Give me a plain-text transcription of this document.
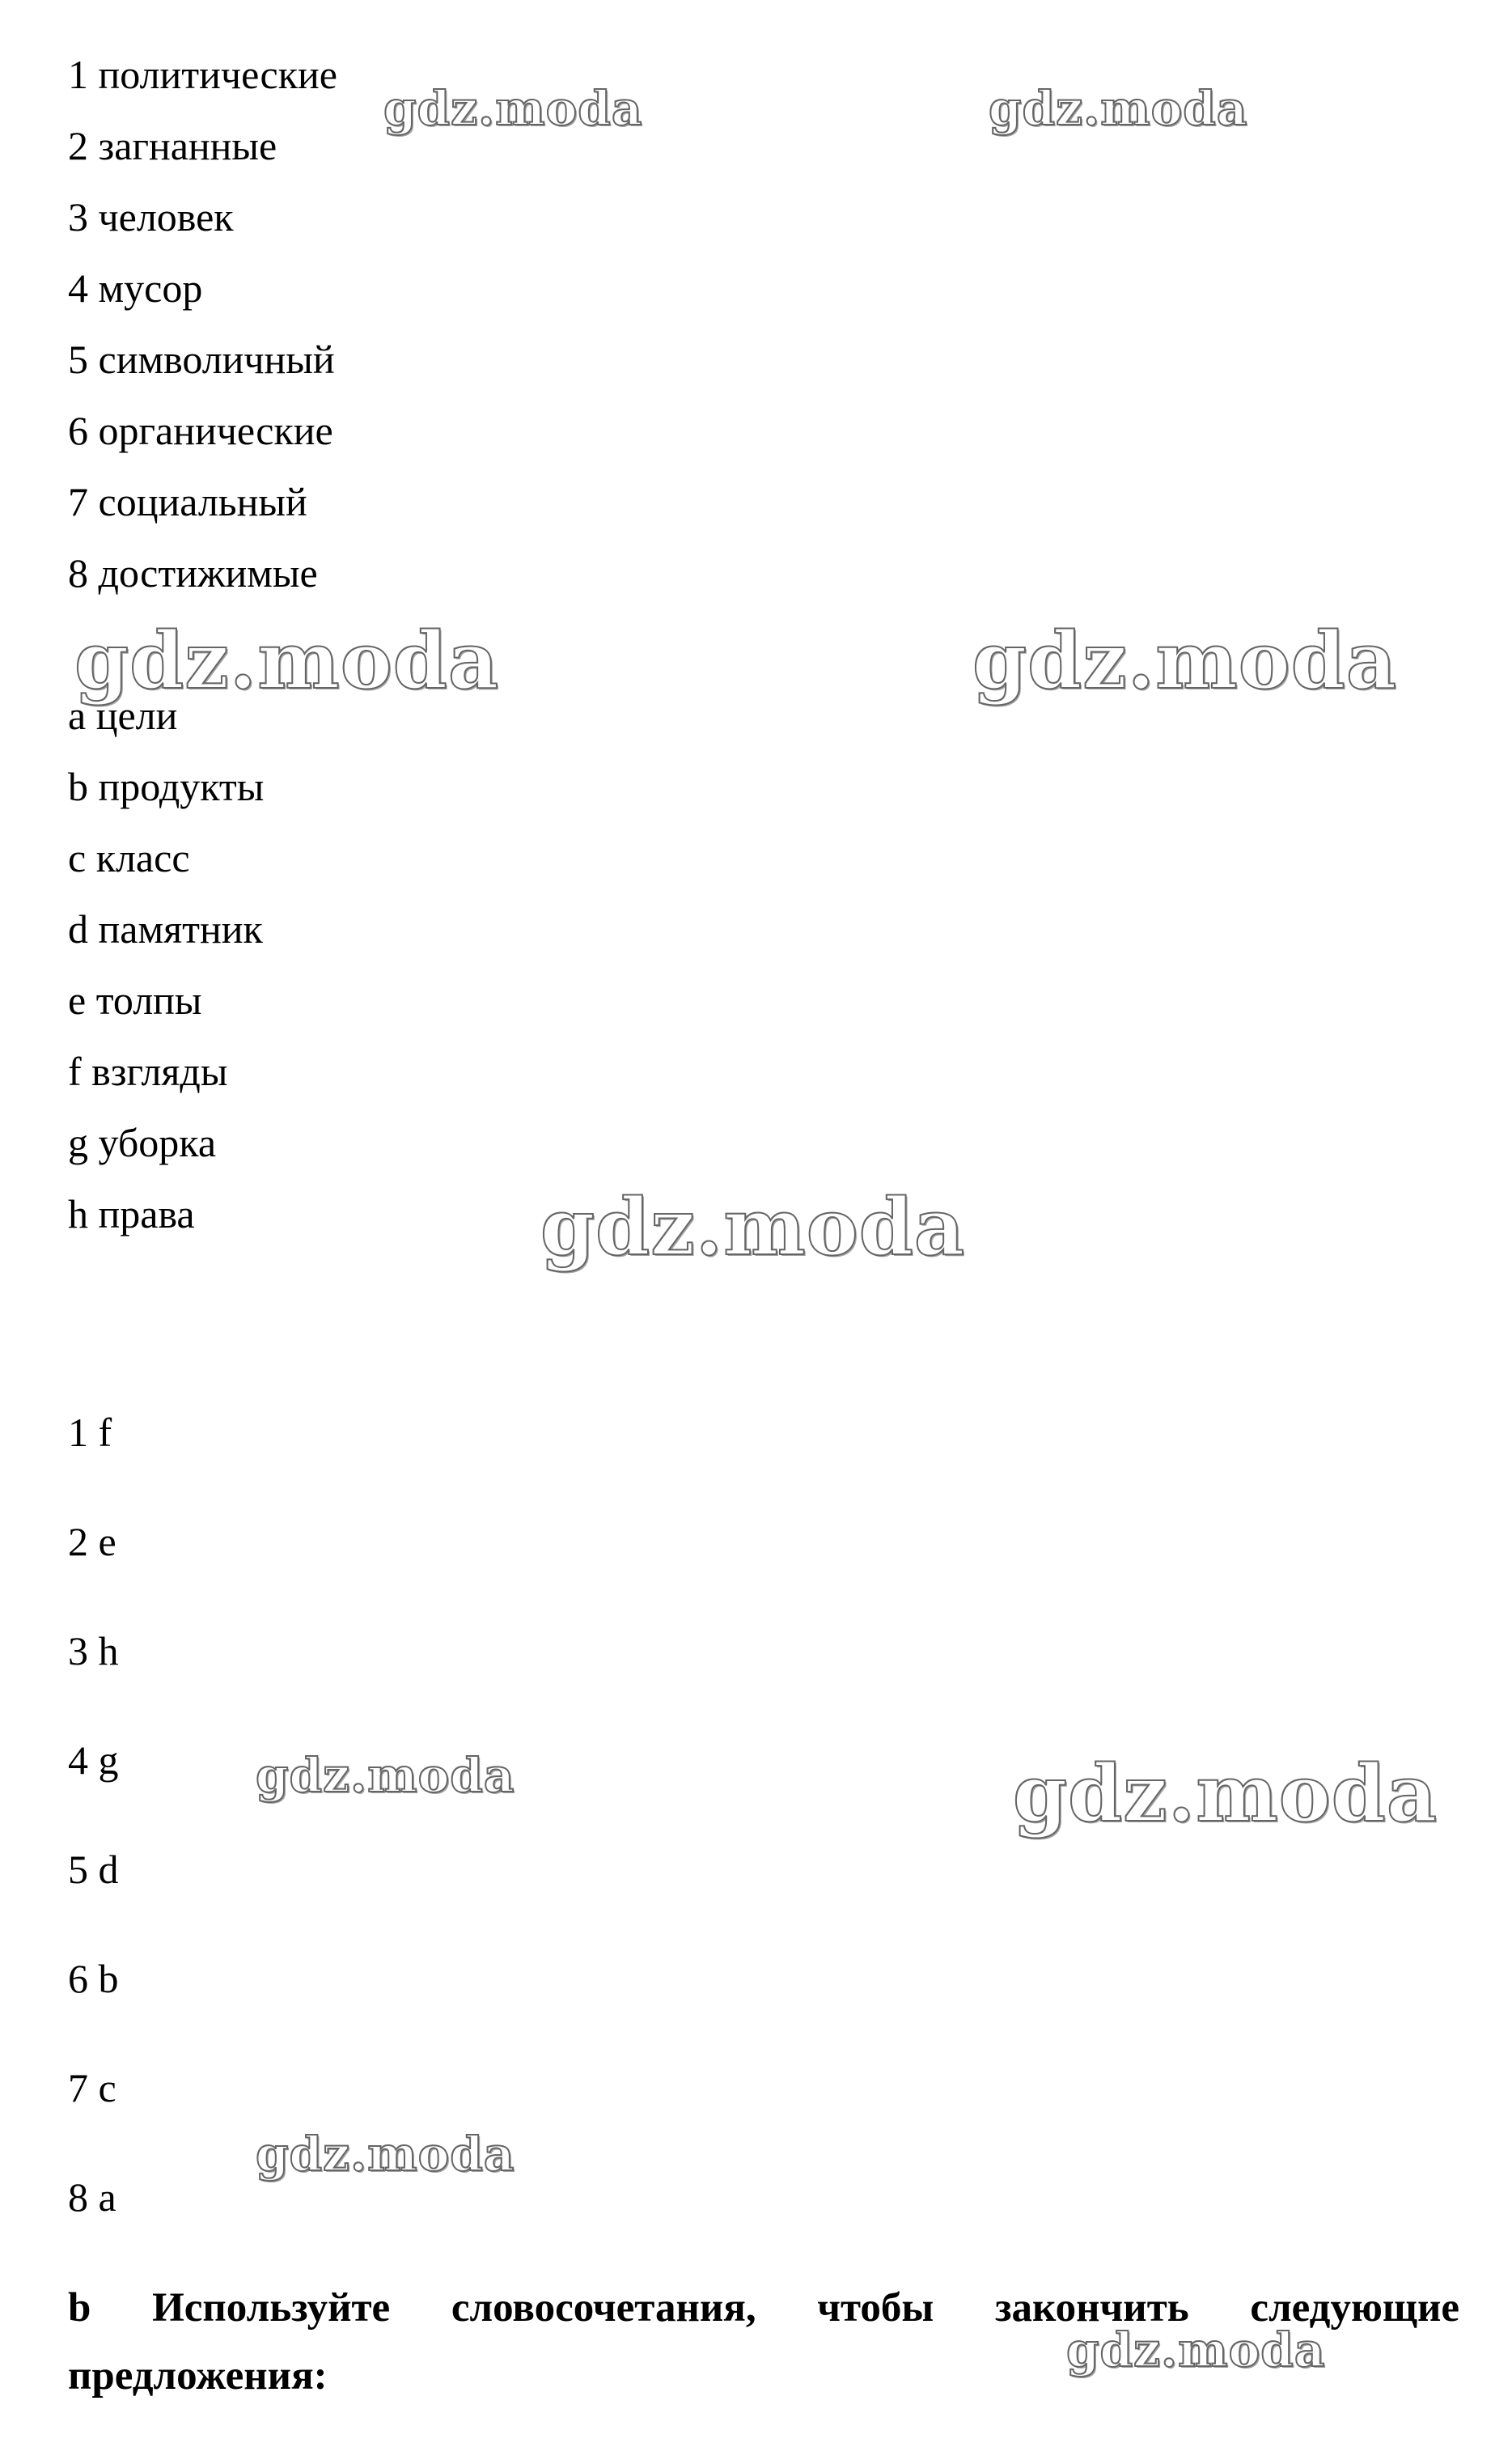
1 политические
2 загнанные
3 человек
4 мусор
5 символичный
6 органические
7 социальный
8 достижимые
a цели
b продукты
c класс
d памятник
e толпы
f взгляды
g уборка
h права
1 f
2 e
3 h
4 g
5 d
6 b
7 c
8 a
b Используйте словосочетания, чтобы закончить следующие предложения:
gdz.moda	gdz.moda
gdz.moda	gdz.moda
gdz.moda
gdz.moda	gdz.moda
gdz.moda
gdz.moda
